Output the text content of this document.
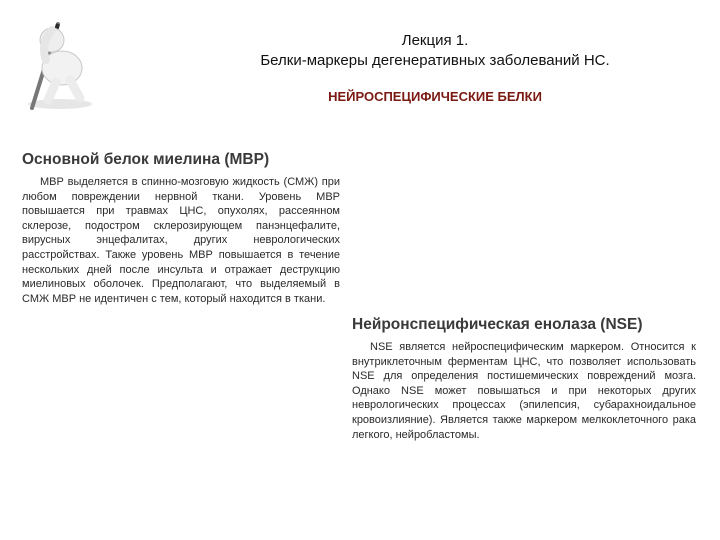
Лекция 1.
Белки-маркеры дегенеративных заболеваний НС.
НЕЙРОСПЕЦИФИЧЕСКИЕ БЕЛКИ
Основной белок миелина (МВР)

МВР выделяется в спинно-мозговую жидкость (СМЖ) при любом повреждении нервной ткани. Уровень МВР повышается при травмах ЦНС, опухолях, рассеянном склерозе, подостром склерозирующем панэнцефалите, вирусных энцефалитах, других неврологических расстройствах. Также уровень МВР повышается в течение нескольких дней после инсульта и отражает деструкцию миелиновых оболочек. Предполагают, что выделяемый в СМЖ МВР не идентичен с тем, который находится в ткани.

Нейронспецифическая енолаза (NSE)

NSE является нейроспецифическим маркером. Относится к внутриклеточным ферментам ЦНС, что позволяет использовать NSE для определения постишемических повреждений мозга. Однако NSE может повышаться и при некоторых других неврологических процессах (эпилепсия, субарахноидальное кровоизлияние). Является также маркером мелкоклеточного рака легкого, нейробластомы.
